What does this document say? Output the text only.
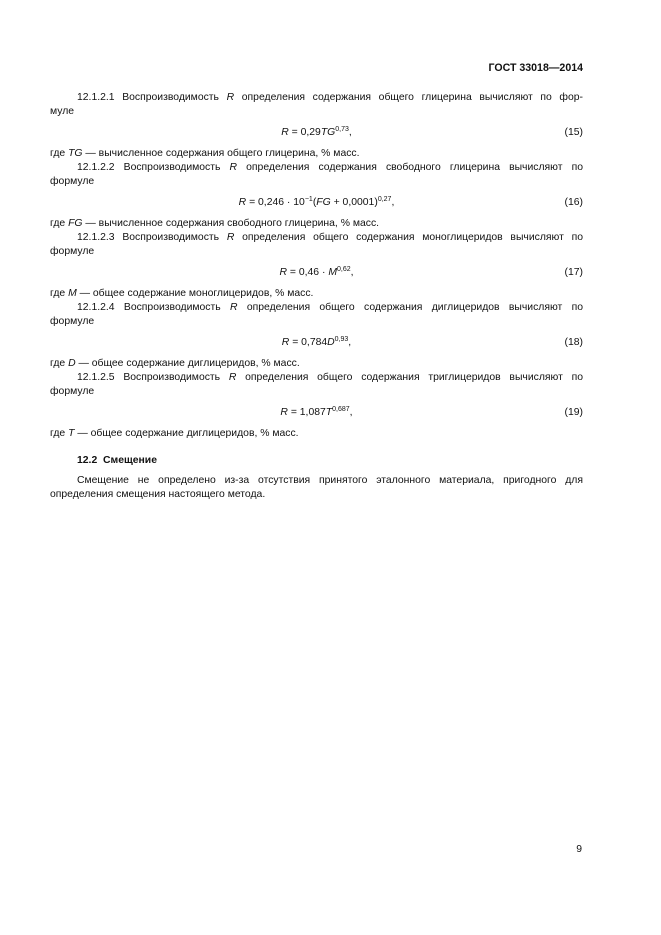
ГОСТ 33018—2014

12.1.2.1 Воспроизводимость R определения содержания общего глицерина вычисляют по фор-

муле

R = 0,29TG$^{0,73}$,	(15)

где TG — вычисленное содержания общего глицерина, % масс.

12.1.2.2 Воспроизводимость R определения содержания свободного глицерина вычисляют по

формуле

$R = 0,246 \cdot 10^{-1}(FG + 0,0001)^{0,27}$,	(16)

где FG — вычисленное содержания свободного глицерина, % масс.

12.1.2.3 Воспроизводимость R определения общего содержания моноглицеридов вычисляют по

формуле

R = 0,46 · M$^{0,62}$,	(17)

где M — общее содержание моноглицеридов, % масс.

12.1.2.4 Воспроизводимость R определения общего содержания диглицеридов вычисляют по

формуле

$R = 0,784D^{0,93}$,	(18)

где D — общее содержание диглицеридов, % масс.

12.1.2.5 Воспроизводимость R определения общего содержания триглицеридов вычисляют по

формуле

$R = 1,087T^{0,687}$,	(19)

где T — общее содержание диглицеридов, % масс.

12.2 Смещение

Смещение не определено из-за отсутствия принятого эталонного материала, пригодного для

определения смещения настоящего метода.

9
